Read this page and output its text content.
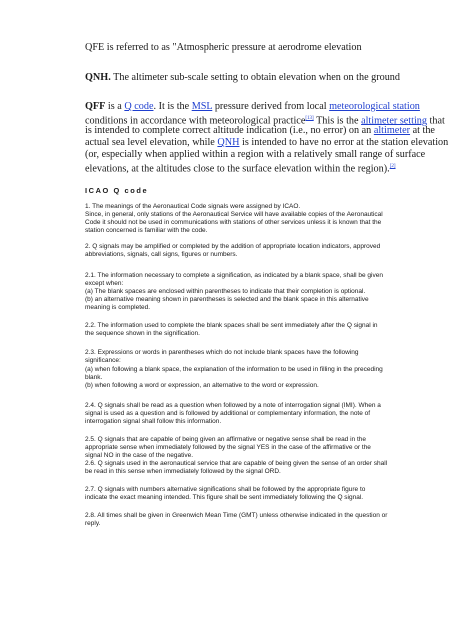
QFE is referred to as "Atmospheric pressure at aerodrome elevation
QNH. The altimeter sub-scale setting to obtain elevation when on the ground
QFF is a Q code. It is the MSL pressure derived from local meteorological station
conditions in accordance with meteorological practice[13] This is the altimeter setting that
is intended to complete correct altitude indication (i.e., no error) on an altimeter at the
actual sea level elevation, while QNH is intended to have no error at the station elevation
(or, especially when applied within a region with a relatively small range of surface
elevations, at the altitudes close to the surface elevation within the region).[2]
ICAO Q code
1. The meanings of the Aeronautical Code signals were assigned by ICAO.
Since, in general, only stations of the Aeronautical Service will have available copies of the Aeronautical
Code it should not be used in communications with stations of other services unless it is known that the
station concerned is familiar with the code.
2. Q signals may be amplified or completed by the addition of appropriate location indicators, approved
abbreviations, signals, call signs, figures or numbers.
2.1. The information necessary to complete a signification, as indicated by a blank space, shall be given
except when:
(a) The blank spaces are enclosed within parentheses to indicate that their completion is optional.
(b) an alternative meaning shown in parentheses is selected and the blank space in this alternative
meaning is completed.
2.2. The information used to complete the blank spaces shall be sent immediately after the Q signal in
the sequence shown in the signification.
2.3. Expressions or words in parentheses which do not include blank spaces have the following
significance:
(a) when following a blank space, the explanation of the information to be used in filling in the preceding
blank.
(b) when following a word or expression, an alternative to the word or expression.
2.4. Q signals shall be read as a question when followed by a note of interrogation signal (IMI). When a
signal is used as a question and is followed by additional or complementary information, the note of
interrogation signal shall follow this information.
2.5. Q signals that are capable of being given an affirmative or negative sense shall be read in the
appropriate sense when immediately followed by the signal YES in the case of the affirmative or the
signal NO in the case of the negative.
2.6. Q signals used in the aeronautical service that are capable of being given the sense of an order shall
be read in this sense when immediately followed by the signal ORD.
2.7. Q signals with numbers alternative significations shall be followed by the appropriate figure to
indicate the exact meaning intended. This figure shall be sent immediately following the Q signal.
2.8. All times shall be given in Greenwich Mean Time (GMT) unless otherwise indicated in the question or
reply.
